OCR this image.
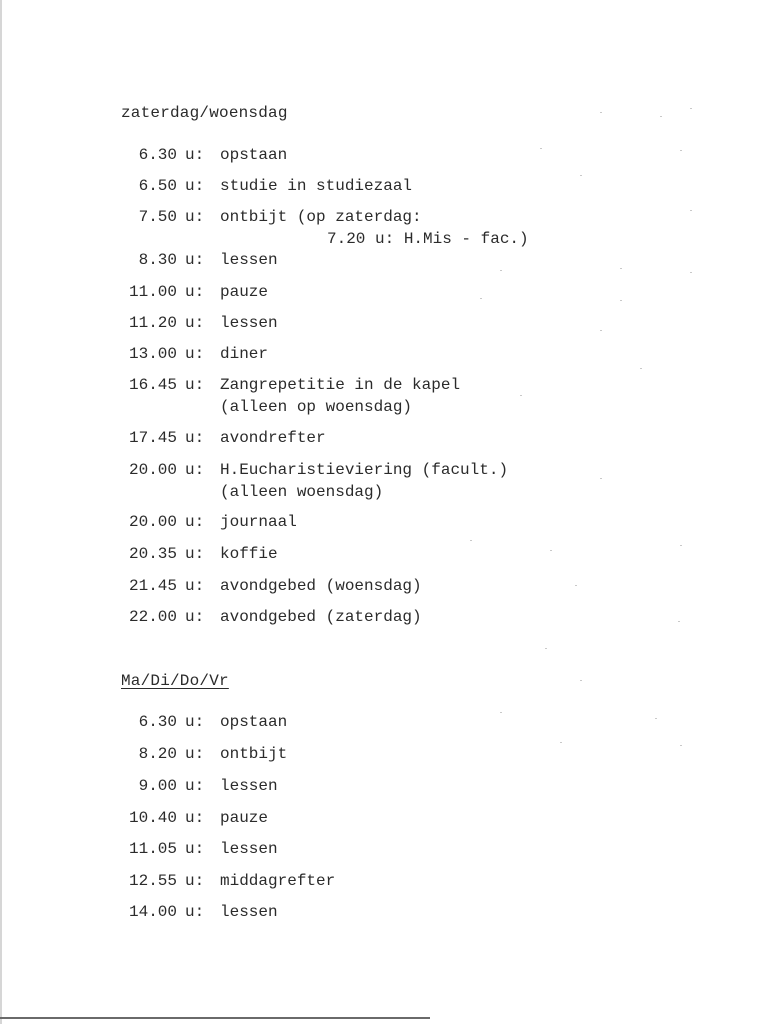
zaterdag/woensdag
6.30 u: opstaan
6.50 u: studie in studiezaal
7.50 u: ontbijt (op zaterdag:
7.20 u: H.Mis - fac.)
8.30 u: lessen
11.00 u: pauze
11.20 u: lessen
13.00 u: diner
16.45 u: Zangrepetitie in de kapel
(alleen op woensdag)
17.45 u: avondrefter
20.00 u: H.Eucharistieviering (facult.)
(alleen woensdag)
20.00 u: journaal
20.35 u: koffie
21.45 u: avondgebed (woensdag)
22.00 u: avondgebed (zaterdag)
Ma/Di/Do/Vr
6.30 u: opstaan
8.20 u: ontbijt
9.00 u: lessen
10.40 u: pauze
11.05 u: lessen
12.55 u: middagrefter
14.00 u: lessen
